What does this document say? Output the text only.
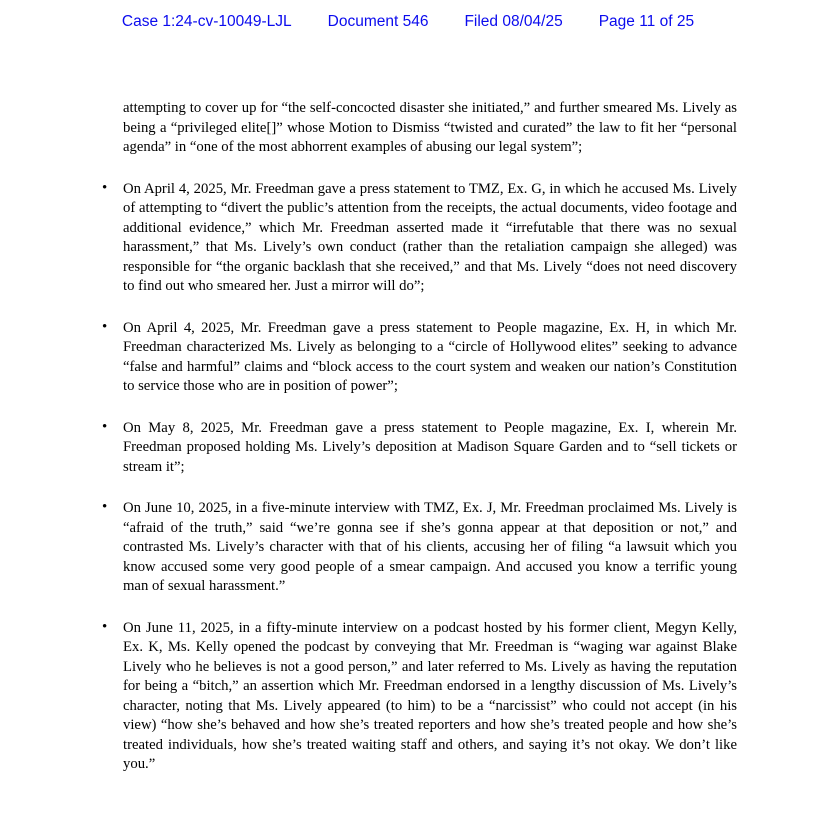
Case 1:24-cv-10049-LJL Document 546 Filed 08/04/25 Page 11 of 25

attempting to cover up for “the self-concocted disaster she initiated,” and further smeared Ms. Lively as being a “privileged elite[]” whose Motion to Dismiss “twisted and curated” the law to fit her “personal agenda” in “one of the most abhorrent examples of abusing our legal system”;

• On April 4, 2025, Mr. Freedman gave a press statement to TMZ, Ex. G, in which he accused Ms. Lively of attempting to “divert the public’s attention from the receipts, the actual documents, video footage and additional evidence,” which Mr. Freedman asserted made it “irrefutable that there was no sexual harassment,” that Ms. Lively’s own conduct (rather than the retaliation campaign she alleged) was responsible for “the organic backlash that she received,” and that Ms. Lively “does not need discovery to find out who smeared her. Just a mirror will do”;
• On April 4, 2025, Mr. Freedman gave a press statement to People magazine, Ex. H, in which Mr. Freedman characterized Ms. Lively as belonging to a “circle of Hollywood elites” seeking to advance “false and harmful” claims and “block access to the court system and weaken our nation’s Constitution to service those who are in position of power”;
• On May 8, 2025, Mr. Freedman gave a press statement to People magazine, Ex. I, wherein Mr. Freedman proposed holding Ms. Lively’s deposition at Madison Square Garden and to “sell tickets or stream it”;
• On June 10, 2025, in a five-minute interview with TMZ, Ex. J, Mr. Freedman proclaimed Ms. Lively is “afraid of the truth,” said “we’re gonna see if she’s gonna appear at that deposition or not,” and contrasted Ms. Lively’s character with that of his clients, accusing her of filing “a lawsuit which you know accused some very good people of a smear campaign. And accused you know a terrific young man of sexual harassment.”
• On June 11, 2025, in a fifty-minute interview on a podcast hosted by his former client, Megyn Kelly, Ex. K, Ms. Kelly opened the podcast by conveying that Mr. Freedman is “waging war against Blake Lively who he believes is not a good person,” and later referred to Ms. Lively as having the reputation for being a “bitch,” an assertion which Mr. Freedman endorsed in a lengthy discussion of Ms. Lively’s character, noting that Ms. Lively appeared (to him) to be a “narcissist” who could not accept (in his view) “how she’s behaved and how she’s treated reporters and how she’s treated people and how she’s treated individuals, how she’s treated waiting staff and others, and saying it’s not okay. We don’t like you.”
